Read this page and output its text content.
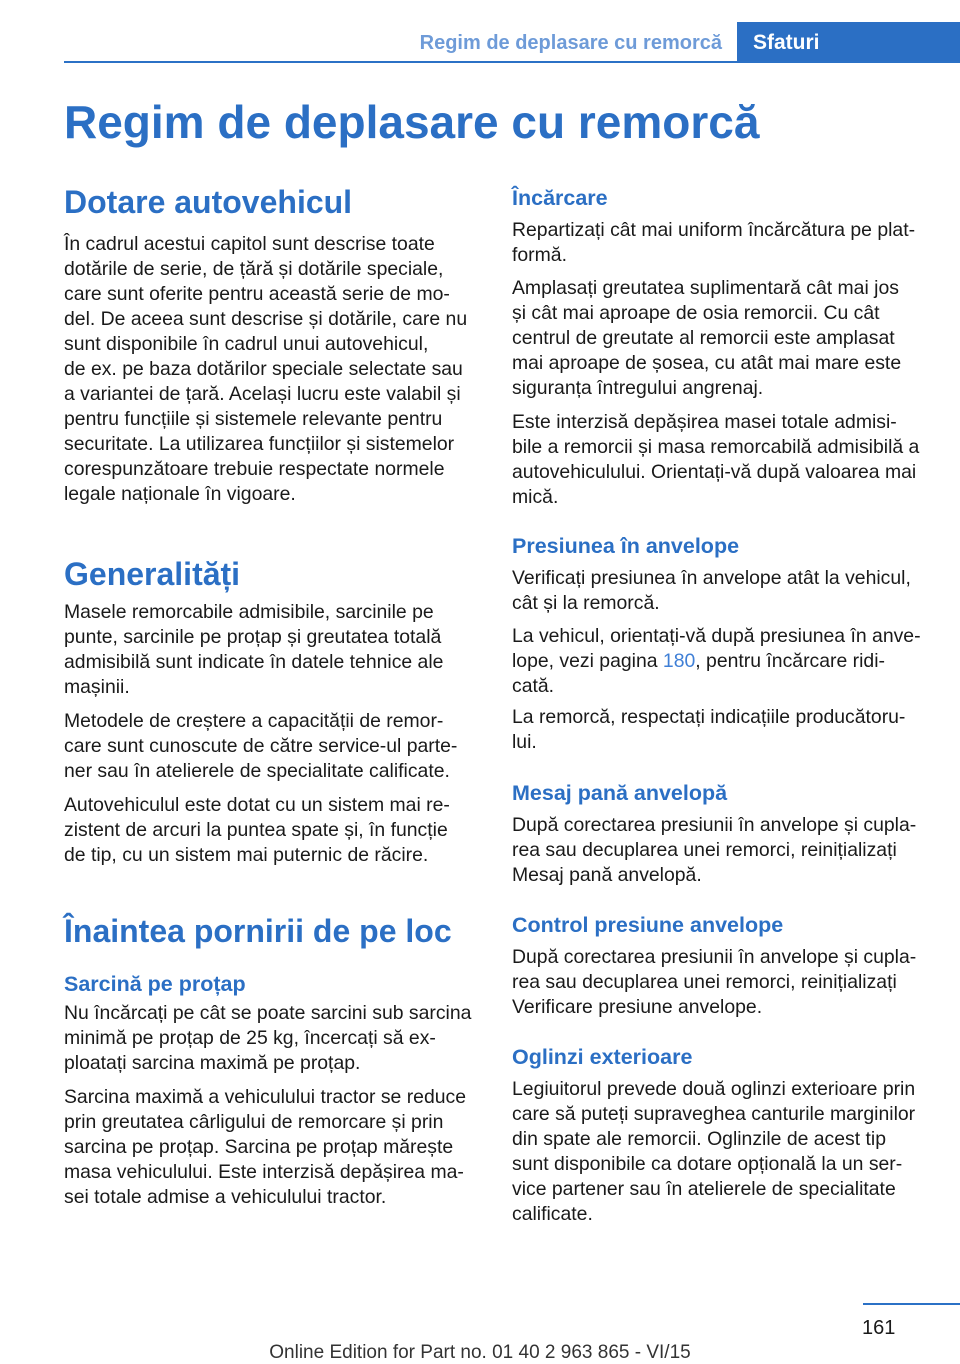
Regim de deplasare cu remorcă	Sfaturi
Regim de deplasare cu remorcă
Dotare autovehicul
În cadrul acestui capitol sunt descrise toate
dotările de serie, de țără și dotările speciale,
care sunt oferite pentru această serie de mo-
del. De aceea sunt descrise și dotările, care nu
sunt disponibile în cadrul unui autovehicul,
de ex. pe baza dotărilor speciale selectate sau
a variantei de țară. Același lucru este valabil și
pentru funcțiile și sistemele relevante pentru
securitate. La utilizarea funcțiilor și sistemelor
corespunzătoare trebuie respectate normele
legale naționale în vigoare.
Generalități
Masele remorcabile admisibile, sarcinile pe
punte, sarcinile pe proțap și greutatea totală
admisibilă sunt indicate în datele tehnice ale
mașinii.
Metodele de creștere a capacității de remor-
care sunt cunoscute de către service-ul parte-
ner sau în atelierele de specialitate calificate.
Autovehiculul este dotat cu un sistem mai re-
zistent de arcuri la puntea spate și, în funcție
de tip, cu un sistem mai puternic de răcire.
Înaintea pornirii de pe loc
Sarcină pe proțap
Nu încărcați pe cât se poate sarcini sub sarcina
minimă pe proțap de 25 kg, încercați să ex-
ploatați sarcina maximă pe proțap.
Sarcina maximă a vehiculului tractor se reduce
prin greutatea cârligului de remorcare și prin
sarcina pe proțap. Sarcina pe proțap mărește
masa vehiculului. Este interzisă depășirea ma-
sei totale admise a vehiculului tractor.
Încărcare
Repartizați cât mai uniform încărcătura pe plat-
formă.
Amplasați greutatea suplimentară cât mai jos
și cât mai aproape de osia remorcii. Cu cât
centrul de greutate al remorcii este amplasat
mai aproape de șosea, cu atât mai mare este
siguranța întregului angrenaj.
Este interzisă depășirea masei totale admisi-
bile a remorcii și masa remorcabilă admisibilă a
autovehiculului. Orientați-vă după valoarea mai
mică.
Presiunea în anvelope
Verificați presiunea în anvelope atât la vehicul,
cât și la remorcă.
La vehicul, orientați-vă după presiunea în anve-
lope, vezi pagina 180, pentru încărcare ridi-
cată.
La remorcă, respectați indicațiile producătoru-
lui.
Mesaj pană anvelopă
După corectarea presiunii în anvelope și cupla-
rea sau decuplarea unei remorci, reinițializați
Mesaj pană anvelopă.
Control presiune anvelope
După corectarea presiunii în anvelope și cupla-
rea sau decuplarea unei remorci, reinițializați
Verificare presiune anvelope.
Oglinzi exterioare
Legiuitorul prevede două oglinzi exterioare prin
care să puteți supraveghea canturile marginilor
din spate ale remorcii. Oglinzile de acest tip
sunt disponibile ca dotare opțională la un ser-
vice partener sau în atelierele de specialitate
calificate.
161
Online Edition for Part no. 01 40 2 963 865 - VI/15
